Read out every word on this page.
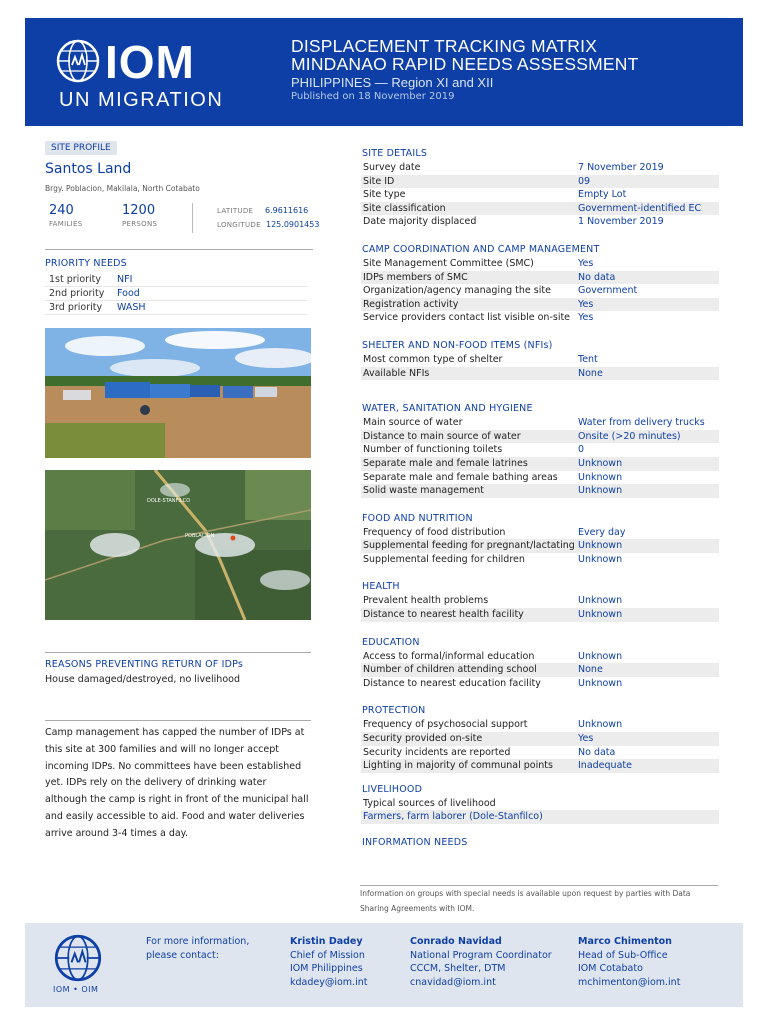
IOM
UN MIGRATION
DISPLACEMENT TRACKING MATRIX
MINDANAO RAPID NEEDS ASSESSMENT
PHILIPPINES — Region XI and XII
Published on 18 November 2019
SITE PROFILE
Santos Land
Brgy. Poblacion, Makilala, North Cotabato
240
FAMILIES
1200
PERSONS
LATITUDE 6.9611616
LONGITUDE 125.0901453
PRIORITY NEEDS
1st priority	NFI
2nd priority	Food
3rd priority	WASH
DOLE-STANFILCO
POBLACION
REASONS PREVENTING RETURN OF IDPs
House damaged/destroyed, no livelihood
Camp management has capped the number of IDPs at this site at 300 families and will no longer accept incoming IDPs. No committees have been established yet. IDPs rely on the delivery of drinking water although the camp is right in front of the municipal hall and easily accessible to aid. Food and water deliveries arrive around 3-4 times a day.
SITE DETAILS
Survey date	7 November 2019
Site ID	09
Site type	Empty Lot
Site classification	Government-identified EC
Date majority displaced	1 November 2019
CAMP COORDINATION AND CAMP MANAGEMENT
Site Management Committee (SMC)	Yes
IDPs members of SMC	No data
Organization/agency managing the site	Government
Registration activity	Yes
Service providers contact list visible on-site Yes
SHELTER AND NON-FOOD ITEMS (NFIs)
Most common type of shelter	Tent
Available NFIs	None
WATER, SANITATION AND HYGIENE
Main source of water	Water from delivery trucks
Distance to main source of water	Onsite (>20 minutes)
Number of functioning toilets	0
Separate male and female latrines	Unknown
Separate male and female bathing areas	Unknown
Solid waste management	Unknown
FOOD AND NUTRITION
Frequency of food distribution	Every day
Supplemental feeding for pregnant/lactating Unknown
Supplemental feeding for children	Unknown
HEALTH
Prevalent health problems	Unknown
Distance to nearest health facility	Unknown
EDUCATION
Access to formal/informal education	Unknown
Number of children attending school	None
Distance to nearest education facility	Unknown
PROTECTION
Frequency of psychosocial support	Unknown
Security provided on-site	Yes
Security incidents are reported	No data
Lighting in majority of communal points	Inadequate
LIVELIHOOD
Typical sources of livelihood
Farmers, farm laborer (Dole-Stanfilco)
INFORMATION NEEDS
Information on groups with special needs is available upon request by parties with Data Sharing Agreements with IOM.
IOM • OIM
For more information,
please contact:
Kristin Dadey
Chief of Mission
IOM Philippines
kdadey@iom.int
Conrado Navidad
National Program Coordinator
CCCM, Shelter, DTM
cnavidad@iom.int
Marco Chimenton
Head of Sub-Office
IOM Cotabato
mchimenton@iom.int
